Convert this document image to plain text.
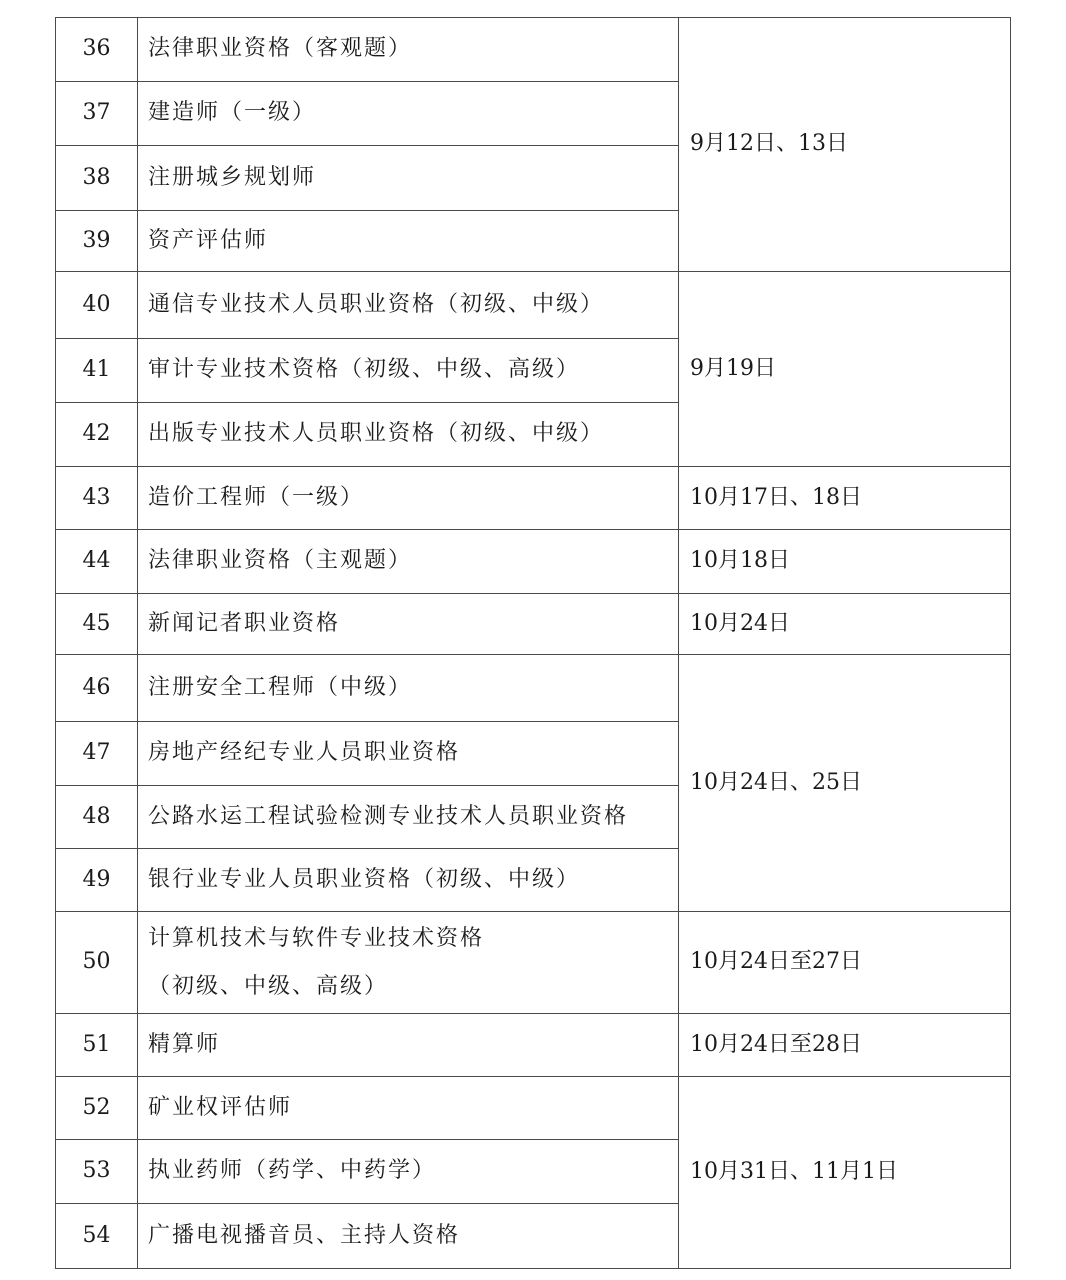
36	法律职业资格（客观题）	9月12日、13日
37	建造师（一级）	
38	注册城乡规划师	
39	资产评估师	
40	通信专业技术人员职业资格（初级、中级）	9月19日
41	审计专业技术资格（初级、中级、高级）	
42	出版专业技术人员职业资格（初级、中级）	
43	造价工程师（一级）	10月17日、18日
44	法律职业资格（主观题）	10月18日
45	新闻记者职业资格	10月24日
46	注册安全工程师（中级）	10月24日、25日
47	房地产经纪专业人员职业资格	
48	公路水运工程试验检测专业技术人员职业资格	
49	银行业专业人员职业资格（初级、中级）	
50	计算机技术与软件专业技术资格
（初级、中级、高级）	10月24日至27日
51	精算师	10月24日至28日
52	矿业权评估师	10月31日、11月1日
53	执业药师（药学、中药学）	
54	广播电视播音员、主持人资格	
